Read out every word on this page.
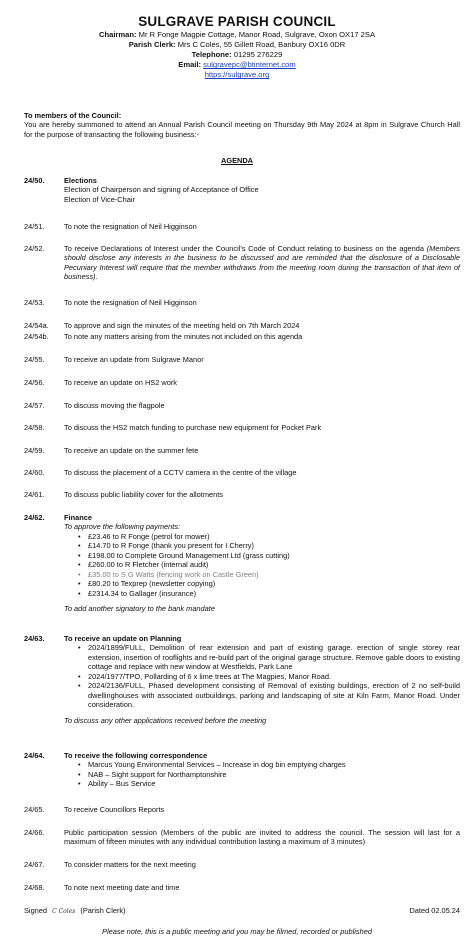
SULGRAVE PARISH COUNCIL
Chairman: Mr R Fonge Magpie Cottage, Manor Road, Sulgrave, Oxon OX17 2SA
Parish Clerk: Mrs C Coles, 55 Gillett Road, Banbury OX16 0DR
Telephone: 01295 276229
Email: sulgravepc@btinternet.com
https://sulgrave.org
To members of the Council:
You are hereby summoned to attend an Annual Parish Council meeting on Thursday 9th May 2024 at 8pm in Sulgrave Church Hall for the purpose of transacting the following business:-
AGENDA
24/50.	Elections
Election of Chairperson and signing of Acceptance of Office
Election of Vice-Chair
24/51.	To note the resignation of Neil Higginson
24/52.	To receive Declarations of Interest under the Council's Code of Conduct relating to business on the agenda (Members should disclose any interests in the business to be discussed and are reminded that the disclosure of a Disclosable Pecuniary Interest will require that the member withdraws from the meeting room during the transaction of that item of business).
24/53.	To note the resignation of Neil Higginson
24/54a.	To approve and sign the minutes of the meeting held on 7th March 2024
24/54b.	To note any matters arising from the minutes not included on this agenda
24/55.	To receive an update from Sulgrave Manor
24/56.	To receive an update on HS2 work
24/57.	To discuss moving the flagpole
24/58.	To discuss the HS2 match funding to purchase new equipment for Pocket Park
24/59.	To receive an update on the summer fete
24/60.	To discuss the placement of a CCTV camera in the centre of the village
24/61.	To discuss public liability cover for the allotments
24/62.	Finance
To approve the following payments:
• £23.46 to R Fonge (petrol for mower)
• £14.70 to R Fonge (thank you present for I Cherry)
• £198.00 to Complete Ground Management Ltd (grass cutting)
• £260.00 to R Fletcher (internal audit)
• £35.00 to S G Watts (fencing work on Castle Green)
• £80.20 to Texprep (newsletter copying)
• £2314.34 to Gallager (insurance)
To add another signatory to the bank mandate
24/63.	To receive an update on Planning
• 2024/1899/FULL, Demolition of rear extension and part of existing garage. erection of single storey rear extension, insertion of rooflights and re-build part of the original garage structure. Remove gable doors to existing cottage and replace with new window at Westfields, Park Lane
• 2024/1977/TPO, Pollarding of 6 x lime trees at The Magpies, Manor Road.
• 2024/2136/FULL, Phased development consisting of Removal of existing buildings, erection of 2 no self-build dwellinghouses with associated outbuildings, parking and landscaping of site at Kiln Farm, Manor Road. Under consideration.
To discuss any other applications received before the meeting
24/64.	To receive the following correspondence
• Marcus Young Environmental Services – Increase in dog bin emptying charges
• NAB – Sight support for Northamptonshire
• Ability – Bus Service
24/65.	To receive Councillors Reports
24/66.	Public participation session (Members of the public are invited to address the council. The session will last for a maximum of fifteen minutes with any individual contribution lasting a maximum of 3 minutes)
24/67.	To consider matters for the next meeting
24/68.	To note next meeting date and time
Signed C Coles (Parish Clerk)	Dated 02.05.24
Please note, this is a public meeting and you may be filmed, recorded or published
